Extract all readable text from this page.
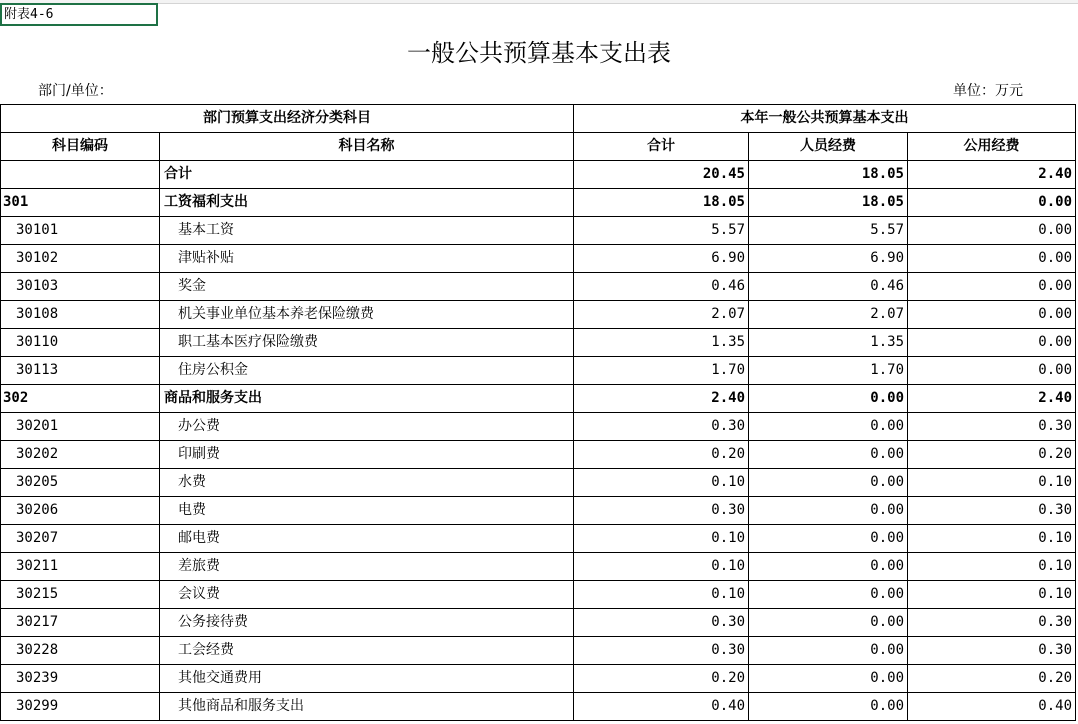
附表4-6
一般公共预算基本支出表
部门/单位：	单位：万元
部门预算支出经济分类科目		本年一般公共预算基本支出		
科目编码	科目名称	合计	人员经费	公用经费
	合计	20.45	18.05	2.40
301	工资福利支出	18.05	18.05	0.00
30101	基本工资	5.57	5.57	0.00
30102	津贴补贴	6.90	6.90	0.00
30103	奖金	0.46	0.46	0.00
30108	机关事业单位基本养老保险缴费	2.07	2.07	0.00
30110	职工基本医疗保险缴费	1.35	1.35	0.00
30113	住房公积金	1.70	1.70	0.00
302	商品和服务支出	2.40	0.00	2.40
30201	办公费	0.30	0.00	0.30
30202	印刷费	0.20	0.00	0.20
30205	水费	0.10	0.00	0.10
30206	电费	0.30	0.00	0.30
30207	邮电费	0.10	0.00	0.10
30211	差旅费	0.10	0.00	0.10
30215	会议费	0.10	0.00	0.10
30217	公务接待费	0.30	0.00	0.30
30228	工会经费	0.30	0.00	0.30
30239	其他交通费用	0.20	0.00	0.20
30299	其他商品和服务支出	0.40	0.00	0.40
